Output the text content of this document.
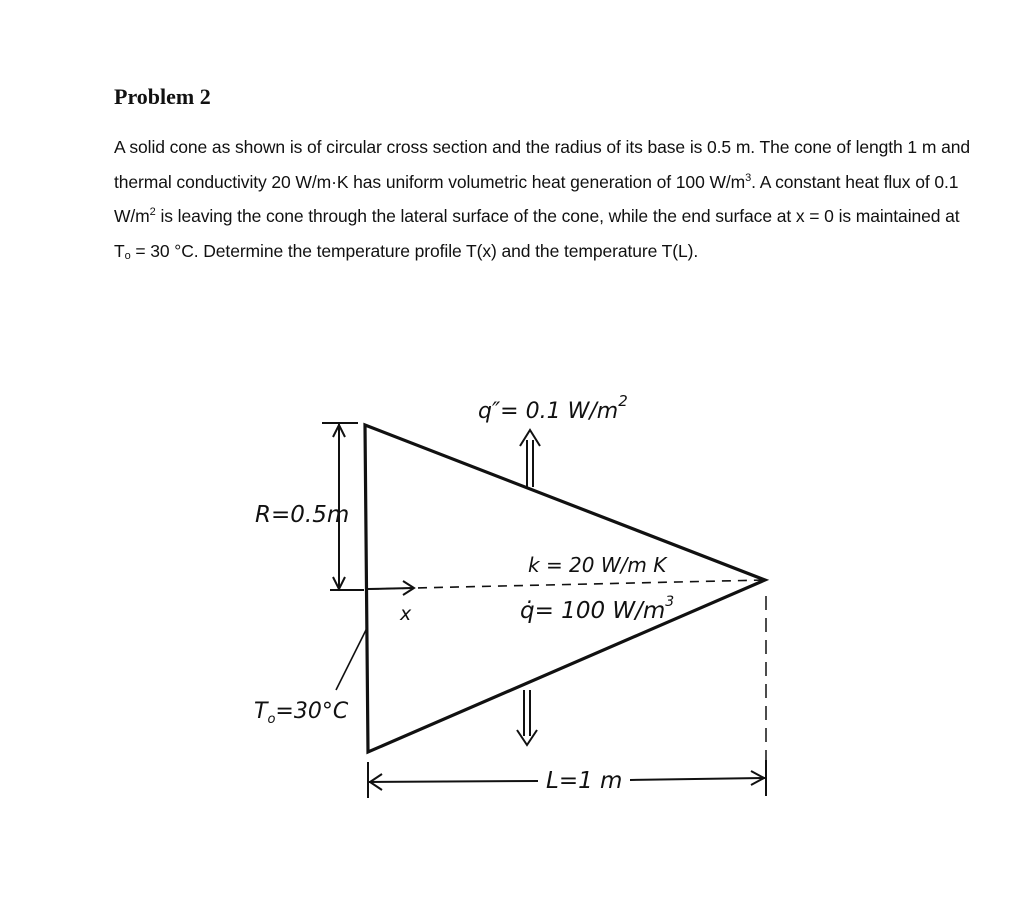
Problem 2
A solid cone as shown is of circular cross section and the radius of its base is 0.5 m. The cone of length 1 m and thermal conductivity 20 W/m·K has uniform volumetric heat generation of 100 $W/m^3$. A constant heat flux of 0.1 $W/m^2$ is leaving the cone through the lateral surface of the cone, while the end surface at x = 0 is maintained at $T_o = 30$ °C. Determine the temperature profile T(x) and the temperature T(L).
R=0.5m
x
q″= 0.1 $W/m^2$
k = 20 W/m K
q̇= 100 $W/m^3$
$T_o=30^\circ C$
L=1 m
